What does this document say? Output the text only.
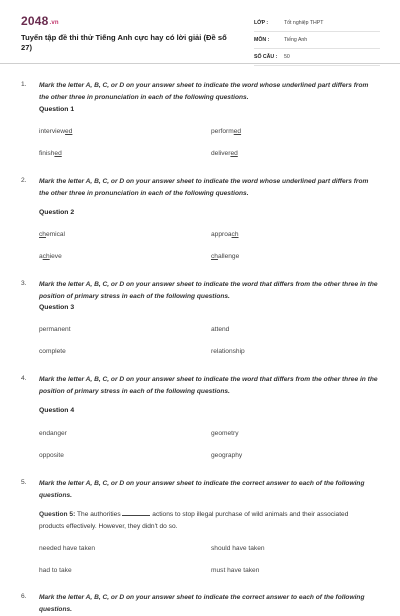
2048.vn
Tuyển tập đề thi thử Tiếng Anh cực hay có lời giải (Đề số 27)
LỚP :	Tốt nghiệp THPT
MÔN :	Tiếng Anh
SỐ CÂU :	50
1. Mark the letter A, B, C, or D on your answer sheet to indicate the word whose underlined part differs from the other three in pronunciation in each of the following questions.
Question 1
interviewed	performed
finished	delivered
2. Mark the letter A, B, C, or D on your answer sheet to indicate the word whose underlined part differs from the other three in pronunciation in each of the following questions.
Question 2
chemical	approach
achieve	challenge
3. Mark the letter A, B, C, or D on your answer sheet to indicate the word that differs from the other three in the position of primary stress in each of the following questions.
Question 3
permanent	attend
complete	relationship
4. Mark the letter A, B, C, or D on your answer sheet to indicate the word that differs from the other three in the position of primary stress in each of the following questions.
Question 4
endanger	geometry
opposite	geography
5. Mark the letter A, B, C, or D on your answer sheet to indicate the correct answer to each of the following questions.
Question 5: The authorities	actions to stop illegal purchase of wild animals and their associated products effectively. However, they didn't do so.
needed have taken	should have taken
had to take	must have taken
6. Mark the letter A, B, C, or D on your answer sheet to indicate the correct answer to each of the following questions.
